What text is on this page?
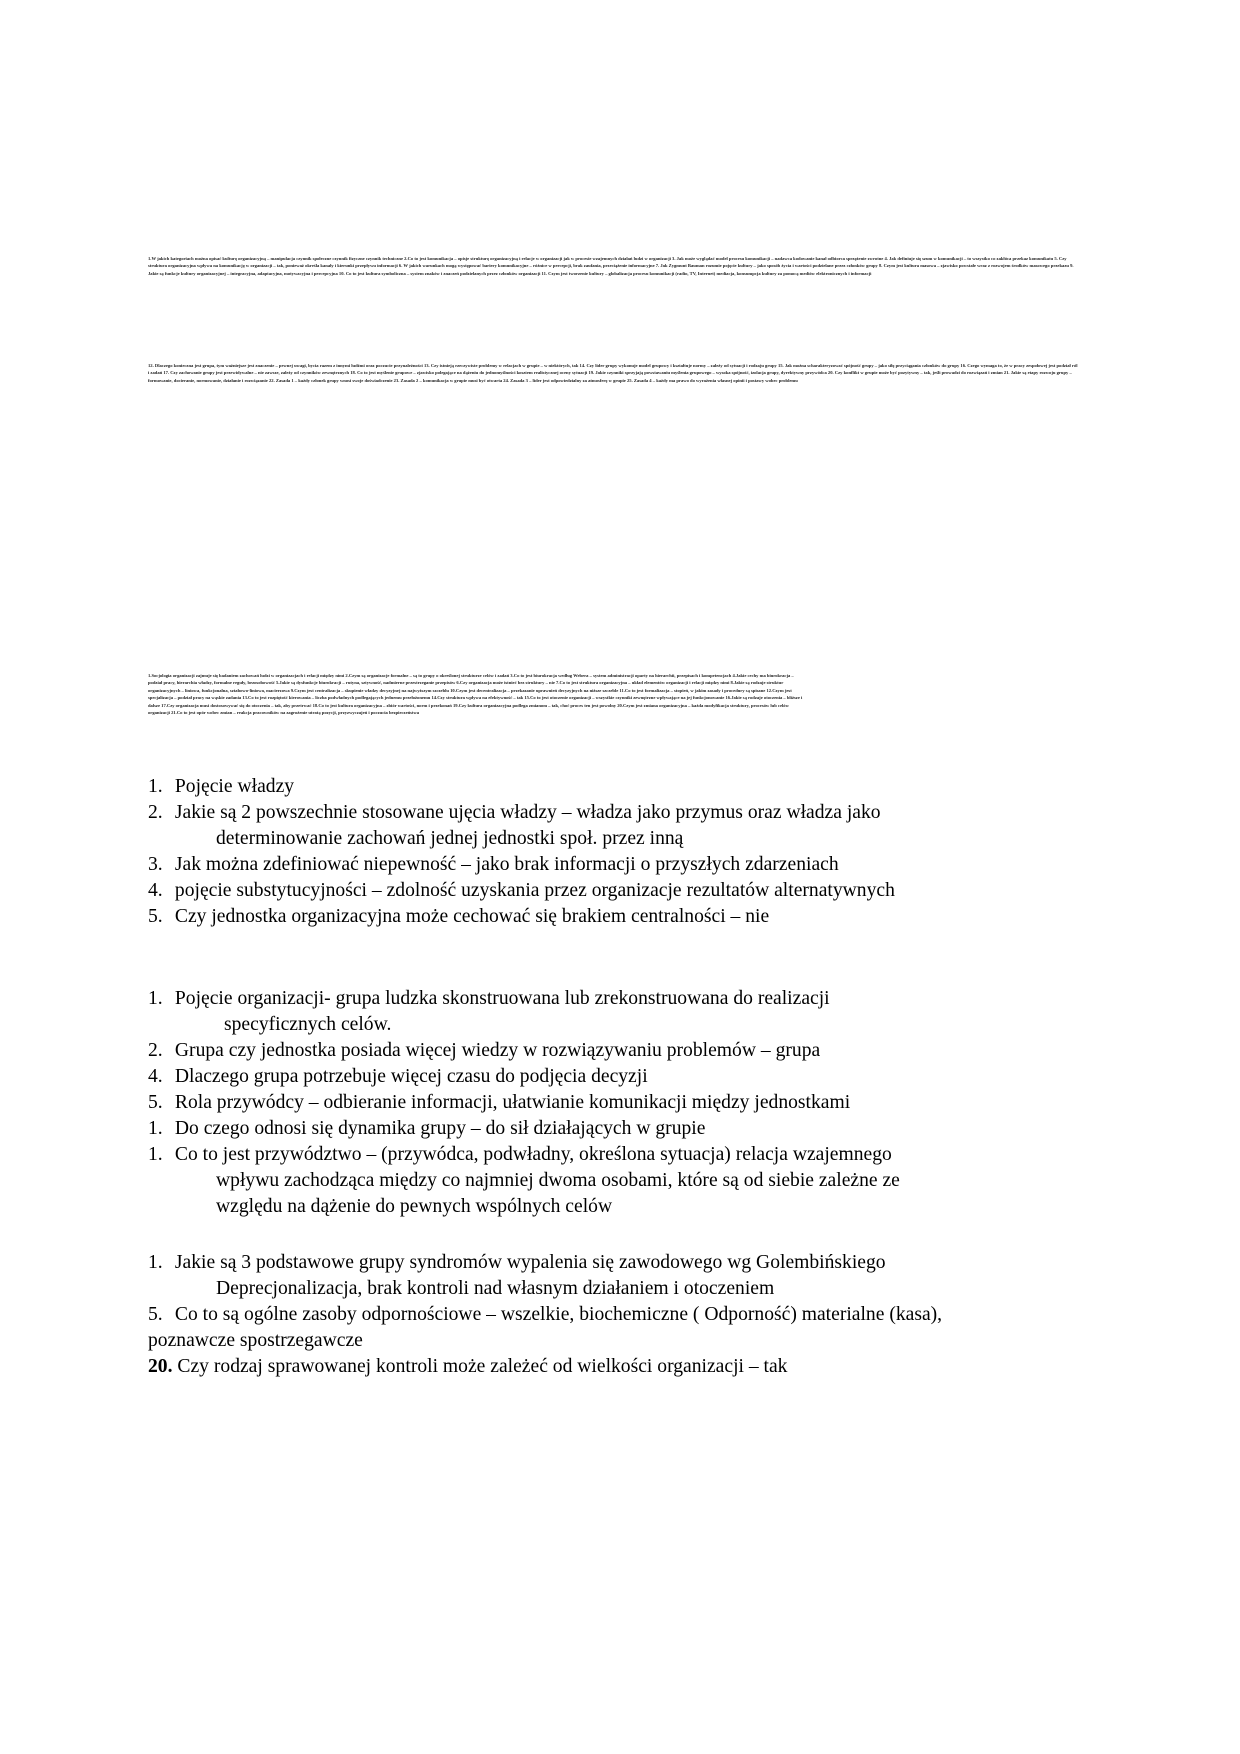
1.W jakich kategoriach można opisać kulturę organizacyjną – manipulacja czynnik społeczne czynnik fizyczne czynnik techniczne 2.Co to jest komunikacja – opisje strukturę organizacyjną i relacje w organizacji jak w procesie wzajemnych działań ludzi w organizacji 3. Jak może wyglądać model procesu komunikacji – nadawca kodowanie kanał odbiorca sprzężenie zwrotne 4. Jak definiuje się szum w komunikacji – to wszystko co zakłóca przekaz komunikatu 5. Czy struktura organizacyjna wpływa na komunikację w organizacji – tak, ponieważ określa kanały i kierunki przepływu informacji 6. W jakich warunkach mogą występować bariery komunikacyjne – różnice w percepcji, brak zaufania, przeciążenie informacyjne 7. Jak Zygmunt Bauman rozumie pojęcie kultury – jako sposób życia i wartości podzielane przez członków grupy 8. Czym jest kultura masowa – zjawisko powstałe wraz z rozwojem środków masowego przekazu 9. Jakie są funkcje kultury organizacyjnej – integracyjna, adaptacyjna, motywacyjna i percepcyjna 10. Co to jest kultura symboliczna – system znaków i znaczeń podzielanych przez członków organizacji 11. Czym jest tworzenie kultury – globalizacja procesu komunikacji (radio, TV, Internet) mediacja, konsumpcja kultury za pomocą mediów elektronicznych i informacji
12. Dlaczego konieczna jest grupa, tym ważniejsze jest znaczenie – pewnej uwagi, bycia razem z innymi ludźmi oraz poczucie przynależności 13. Czy istnieją rzeczywiste problemy w relacjach w grupie – w niektórych, tak 14. Czy lider grupy wykonuje model grupowy i kształtuje normy – zależy od sytuacji i rodzaju grupy 15. Jak można scharakteryzować spójność grupy – jako siłę przyciągania członków do grupy 16. Czego wymaga to, że w pracy zespołowej jest podział ról i zadań 17. Czy zachowanie grupy jest przewidywalne – nie zawsze, zależy od czynników zewnętrznych 18. Co to jest myślenie grupowe – zjawisko polegające na dążeniu do jednomyślności kosztem realistycznej oceny sytuacji 19. Jakie czynniki sprzyjają powstawaniu myślenia grupowego – wysoka spójność, izolacja grupy, dyrektywny przywódca 20. Czy konflikt w grupie może być pozytywny – tak, jeśli prowadzi do rozwiązań i zmian 21. Jakie są etapy rozwoju grupy – formowanie, docieranie, normowanie, działanie i rozwiązanie 22. Zasada 1 – każdy członek grupy wnosi swoje doświadczenie 23. Zasada 2 – komunikacja w grupie musi być otwarta 24. Zasada 3 – lider jest odpowiedzialny za atmosferę w grupie 25. Zasada 4 – każdy ma prawo do wyrażenia własnej opinii i postawy wobec problemu
1.Socjologia organizacji zajmuje się badaniem zachowań ludzi w organizacjach i relacji między nimi 2.Czym są organizacje formalne – są to grupy o określonej strukturze celów i zadań 3.Co to jest biurokracja według Webera – system administracji oparty na hierarchii, przepisach i kompetencjach 4.Jakie cechy ma biurokracja – podział pracy, hierarchia władzy, formalne reguły, bezosobowość 5.Jakie są dysfunkcje biurokracji – rutyna, sztywność, nadmierne przestrzeganie przepisów 6.Czy organizacja może istnieć bez struktury – nie 7.Co to jest struktura organizacyjna – układ elementów organizacji i relacji między nimi 8.Jakie są rodzaje struktur organizacyjnych – liniowa, funkcjonalna, sztabowo-liniowa, macierzowa 9.Czym jest centralizacja – skupienie władzy decyzyjnej na najwyższym szczeblu 10.Czym jest decentralizacja – przekazanie uprawnień decyzyjnych na niższe szczeble 11.Co to jest formalizacja – stopień, w jakim zasady i procedury są spisane 12.Czym jest specjalizacja – podział pracy na wąskie zadania 13.Co to jest rozpiętość kierowania – liczba podwładnych podlegających jednemu przełożonemu 14.Czy struktura wpływa na efektywność – tak 15.Co to jest otoczenie organizacji – wszystkie czynniki zewnętrzne wpływające na jej funkcjonowanie 16.Jakie są rodzaje otoczenia – bliższe i dalsze 17.Czy organizacja musi dostosowywać się do otoczenia – tak, aby przetrwać 18.Co to jest kultura organizacyjna – zbiór wartości, norm i przekonań 19.Czy kultura organizacyjna podlega zmianom – tak, choć proces ten jest powolny 20.Czym jest zmiana organizacyjna – każda modyfikacja struktury, procesów lub celów organizacji 21.Co to jest opór wobec zmian – reakcja pracowników na zagrożenie utratą pozycji, przyzwyczajeń i poczucia bezpieczeństwa

1. Pojęcie władzy

2. Jakie są 2 powszechnie stosowane ujęcia władzy – władza jako przymus oraz władza jako
determinowanie zachowań jednej jednostki społ. przez inną

3. Jak można zdefiniować niepewność – jako brak informacji o przyszłych zdarzeniach

4. pojęcie substytucyjności – zdolność uzyskania przez organizacje rezultatów alternatywnych

5. Czy jednostka organizacyjna może cechować się brakiem centralności – nie

1. Pojęcie organizacji- grupa ludzka skonstruowana lub zrekonstruowana do realizacji
specyficznych celów.

2. Grupa czy jednostka posiada więcej wiedzy w rozwiązywaniu problemów – grupa

4. Dlaczego grupa potrzebuje więcej czasu do podjęcia decyzji

5. Rola przywódcy – odbieranie informacji, ułatwianie komunikacji między jednostkami

1. Do czego odnosi się dynamika grupy – do sił działających w grupie

1. Co to jest przywództwo – (przywódca, podwładny, określona sytuacja) relacja wzajemnego
wpływu zachodząca między co najmniej dwoma osobami, które są od siebie zależne ze
względu na dążenie do pewnych wspólnych celów

1. Jakie są 3 podstawowe grupy syndromów wypalenia się zawodowego wg Golembińskiego
Deprecjonalizacja, brak kontroli nad własnym działaniem i otoczeniem

5. Co to są ogólne zasoby odpornościowe – wszelkie, biochemiczne ( Odporność) materialne (kasa),
poznawcze spostrzegawcze

20. Czy rodzaj sprawowanej kontroli może zależeć od wielkości organizacji – tak
